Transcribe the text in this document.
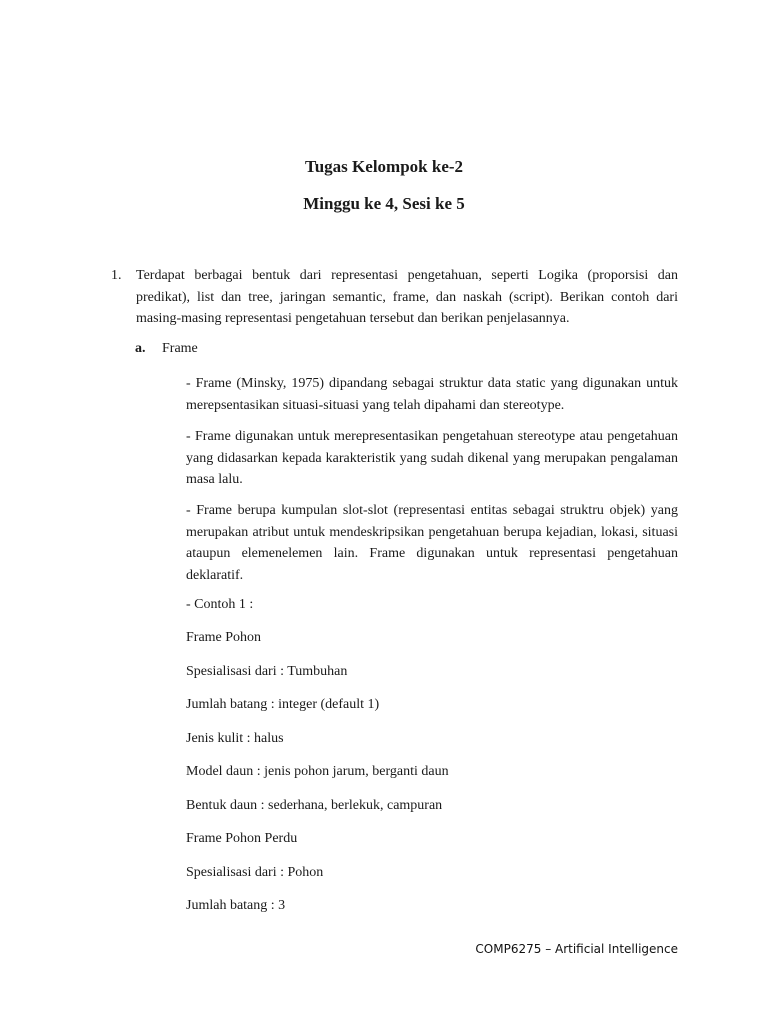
Tugas Kelompok ke-2
Minggu ke 4, Sesi ke 5
1. Terdapat berbagai bentuk dari representasi pengetahuan, seperti Logika (proporsisi dan predikat), list dan tree, jaringan semantic, frame, dan naskah (script). Berikan contoh dari masing-masing representasi pengetahuan tersebut dan berikan penjelasannya.
a. Frame
- Frame (Minsky, 1975) dipandang sebagai struktur data static yang digunakan untuk merepsentasikan situasi-situasi yang telah dipahami dan stereotype.
- Frame digunakan untuk merepresentasikan pengetahuan stereotype atau pengetahuan yang didasarkan kepada karakteristik yang sudah dikenal yang merupakan pengalaman masa lalu.
- Frame berupa kumpulan slot-slot (representasi entitas sebagai struktru objek) yang merupakan atribut untuk mendeskripsikan pengetahuan berupa kejadian, lokasi, situasi ataupun elemenelemen lain. Frame digunakan untuk representasi pengetahuan deklaratif.
- Contoh 1 :
Frame Pohon
Spesialisasi dari : Tumbuhan
Jumlah batang : integer (default 1)
Jenis kulit : halus
Model daun : jenis pohon jarum, berganti daun
Bentuk daun : sederhana, berlekuk, campuran
Frame Pohon Perdu
Spesialisasi dari : Pohon
Jumlah batang : 3
COMP6275 – Artificial Intelligence
